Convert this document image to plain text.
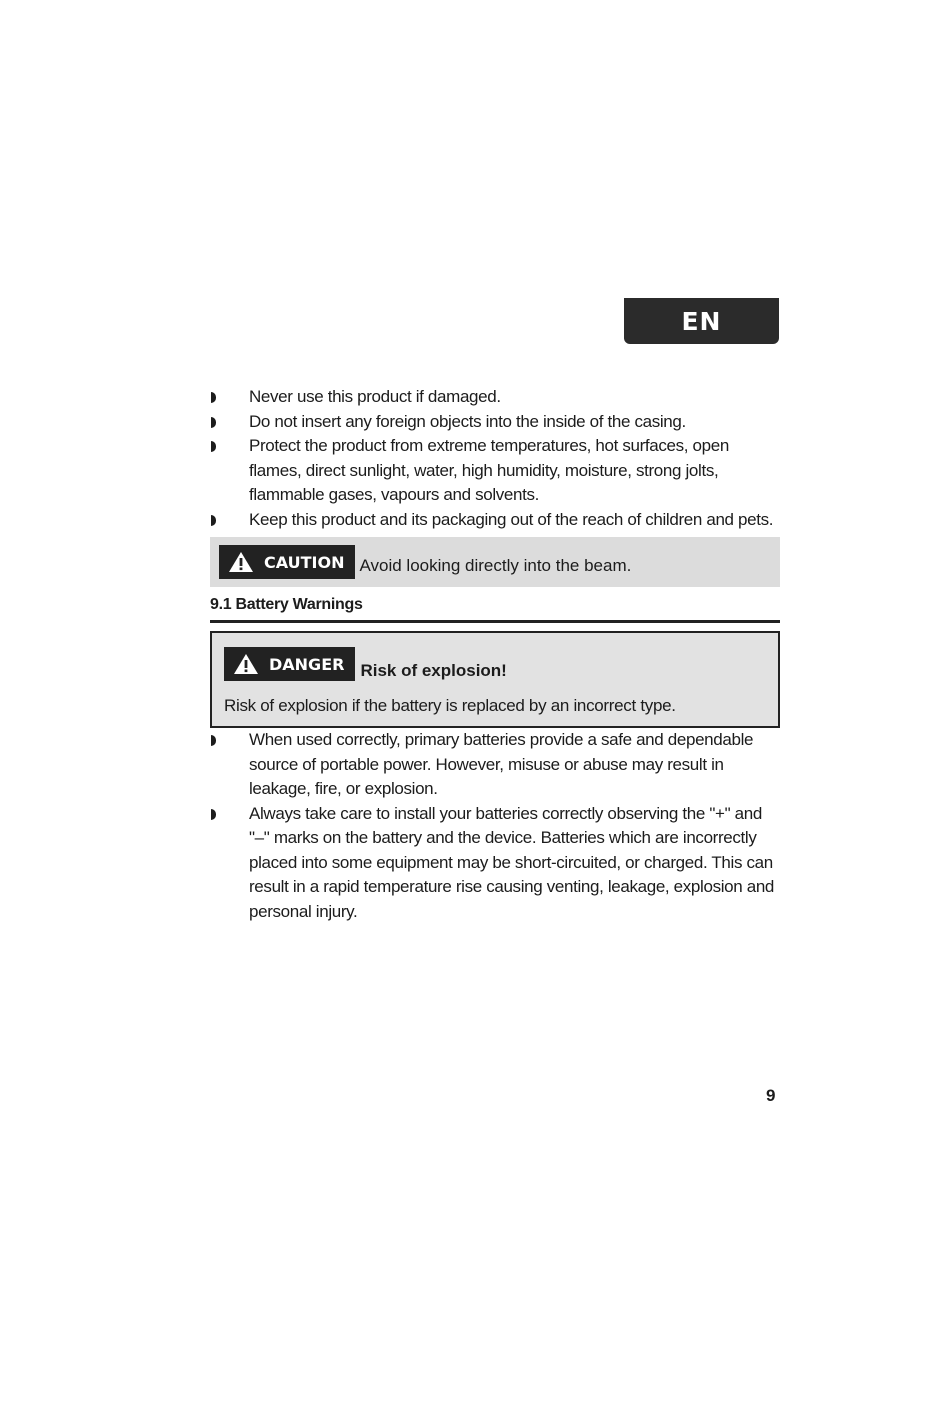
EN
Never use this product if damaged.
Do not insert any foreign objects into the inside of the casing.
Protect the product from extreme temperatures, hot surfaces, open flames, direct sunlight, water, high humidity, moisture, strong jolts, flammable gases, vapours and solvents.
Keep this product and its packaging out of the reach of children and pets.
CAUTION Avoid looking directly into the beam.
9.1 Battery Warnings
DANGER Risk of explosion!
Risk of explosion if the battery is replaced by an incorrect type.
When used correctly, primary batteries provide a safe and dependable source of portable power. However, misuse or abuse may result in leakage, fire, or explosion.
Always take care to install your batteries correctly observing the "+" and "–" marks on the battery and the device. Batteries which are incorrectly placed into some equipment may be short-circuited, or charged. This can result in a rapid temperature rise causing venting, leakage, explosion and personal injury.
9
